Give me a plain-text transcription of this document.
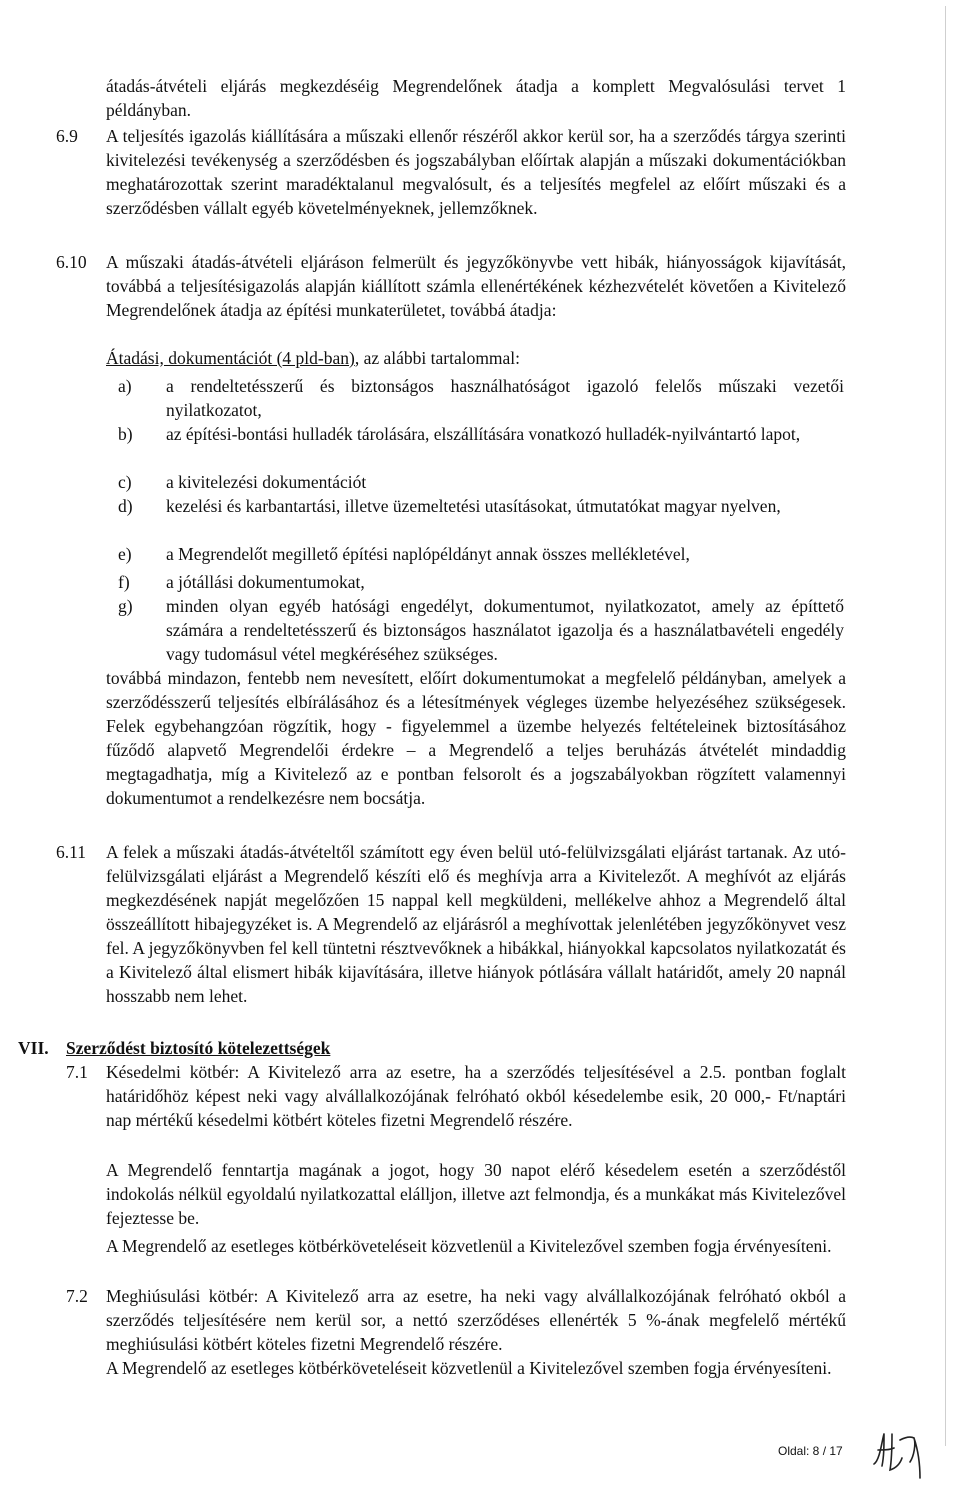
átadás-átvételi eljárás megkezdéséig Megrendelőnek átadja a komplett Megvalósulási tervet 1 példányban.

6.9 A teljesítés igazolás kiállítására a műszaki ellenőr részéről akkor kerül sor, ha a szerződés tárgya szerinti kivitelezési tevékenység a szerződésben és jogszabályban előírtak alapján a műszaki dokumentációkban meghatározottak szerint maradéktalanul megvalósult, és a teljesítés megfelel az előírt műszaki és a szerződésben vállalt egyéb követelményeknek, jellemzőknek.

6.10 A műszaki átadás-átvételi eljáráson felmerült és jegyzőkönyvbe vett hibák, hiányosságok kijavítását, továbbá a teljesítésigazolás alapján kiállított számla ellenértékének kézhezvételét követően a Kivitelező Megrendelőnek átadja az építési munkaterületet, továbbá átadja:

Átadási, dokumentációt (4 pld-ban), az alábbi tartalommal:

a) a rendeltetésszerű és biztonságos használhatóságot igazoló felelős műszaki vezetői nyilatkozatot,
b) az építési-bontási hulladék tárolására, elszállítására vonatkozó hulladék-nyilvántartó lapot,
c) a kivitelezési dokumentációt
d) kezelési és karbantartási, illetve üzemeltetési utasításokat, útmutatókat magyar nyelven,
e) a Megrendelőt megillető építési naplópéldányt annak összes mellékletével,
f) a jótállási dokumentumokat,
g) minden olyan egyéb hatósági engedélyt, dokumentumot, nyilatkozatot, amely az építtető számára a rendeltetésszerű és biztonságos használatot igazolja és a használatbavételi engedély vagy tudomásul vétel megkéréséhez szükséges.

továbbá mindazon, fentebb nem nevesített, előírt dokumentumokat a megfelelő példányban, amelyek a szerződésszerű teljesítés elbírálásához és a létesítmények végleges üzembe helyezéséhez szükségesek. Felek egybehangzóan rögzítik, hogy - figyelemmel a üzembe helyezés feltételeinek biztosításához fűződő alapvető Megrendelői érdekre – a Megrendelő a teljes beruházás átvételét mindaddig megtagadhatja, míg a Kivitelező az e pontban felsorolt és a jogszabályokban rögzített valamennyi dokumentumot a rendelkezésre nem bocsátja.

6.11 A felek a műszaki átadás-átvételtől számított egy éven belül utó-felülvizsgálati eljárást tartanak. Az utó-felülvizsgálati eljárást a Megrendelő készíti elő és meghívja arra a Kivitelezőt. A meghívót az eljárás megkezdésének napját megelőzően 15 nappal kell megküldeni, mellékelve ahhoz a Megrendelő által összeállított hibajegyzéket is. A Megrendelő az eljárásról a meghívottak jelenlétében jegyzőkönyvet vesz fel. A jegyzőkönyvben fel kell tüntetni résztvevőknek a hibákkal, hiányokkal kapcsolatos nyilatkozatát és a Kivitelező által elismert hibák kijavítására, illetve hiányok pótlására vállalt határidőt, amely 20 napnál hosszabb nem lehet.

VII. Szerződést biztosító kötelezettségek
7.1 Késedelmi kötbér: A Kivitelező arra az esetre, ha a szerződés teljesítésével a 2.5. pontban foglalt határidőhöz képest neki vagy alvállalkozójának felróható okból késedelembe esik, 20 000,- Ft/naptári nap mértékű késedelmi kötbért köteles fizetni Megrendelő részére.

A Megrendelő fenntartja magának a jogot, hogy 30 napot elérő késedelem esetén a szerződéstől indokolás nélkül egyoldalú nyilatkozattal elálljon, illetve azt felmondja, és a munkákat más Kivitelezővel fejeztesse be.

A Megrendelő az esetleges kötbérköveteléseit közvetlenül a Kivitelezővel szemben fogja érvényesíteni.

7.2 Meghiúsulási kötbér: A Kivitelező arra az esetre, ha neki vagy alvállalkozójának felróható okból a szerződés teljesítésére nem kerül sor, a nettó szerződéses ellenérték 5 %-ának megfelelő mértékű meghiúsulási kötbért köteles fizetni Megrendelő részére.

A Megrendelő az esetleges kötbérköveteléseit közvetlenül a Kivitelezővel szemben fogja érvényesíteni.

Oldal: 8 / 17
